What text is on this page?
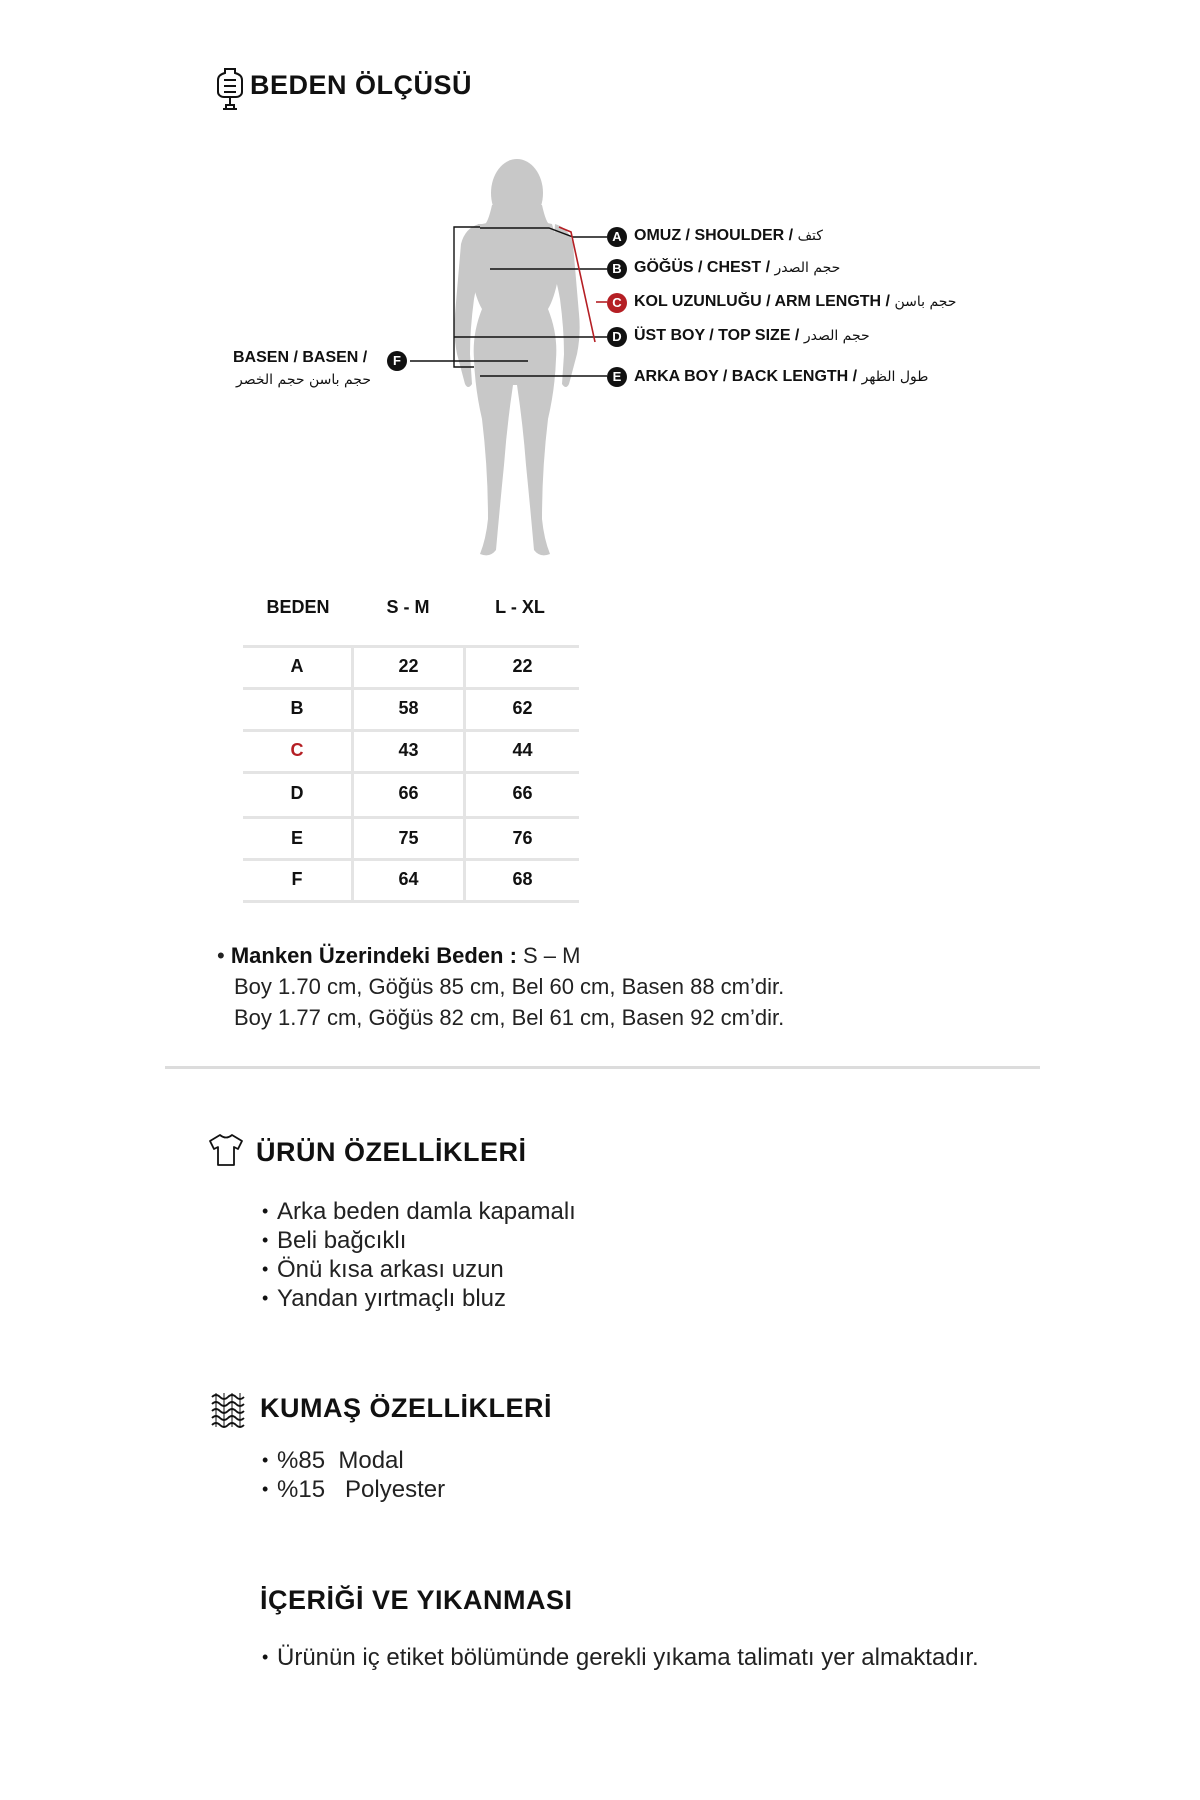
BEDEN ÖLÇÜSÜ
A OMUZ / SHOULDER / كتف
B GÖĞÜS / CHEST / حجم الصدر
C KOL UZUNLUĞU / ARM LENGTH / حجم باسن
D ÜST BOY / TOP SIZE / حجم الصدر
E ARKA BOY / BACK LENGTH / طول الظهر
BASEN / BASEN /
حجم باسن حجم الخصر
F
BEDEN	S - M	L - XL
A	22	22
B	58	62
C	43	44
D	66	66
E	75	76
F	64	68
• Manken Üzerindeki Beden : S – M
Boy 1.70 cm, Göğüs 85 cm, Bel 60 cm, Basen 88 cm’dir.
Boy 1.77 cm, Göğüs 82 cm, Bel 61 cm, Basen 92 cm’dir.
ÜRÜN ÖZELLİKLERİ
• Arka beden damla kapamalı
• Beli bağcıklı
• Önü kısa arkası uzun
• Yandan yırtmaçlı bluz
KUMAŞ ÖZELLİKLERİ
• %85  Modal
• %15   Polyester
İÇERİĞİ VE YIKANMASI
• Ürünün iç etiket bölümünde gerekli yıkama talimatı yer almaktadır.
